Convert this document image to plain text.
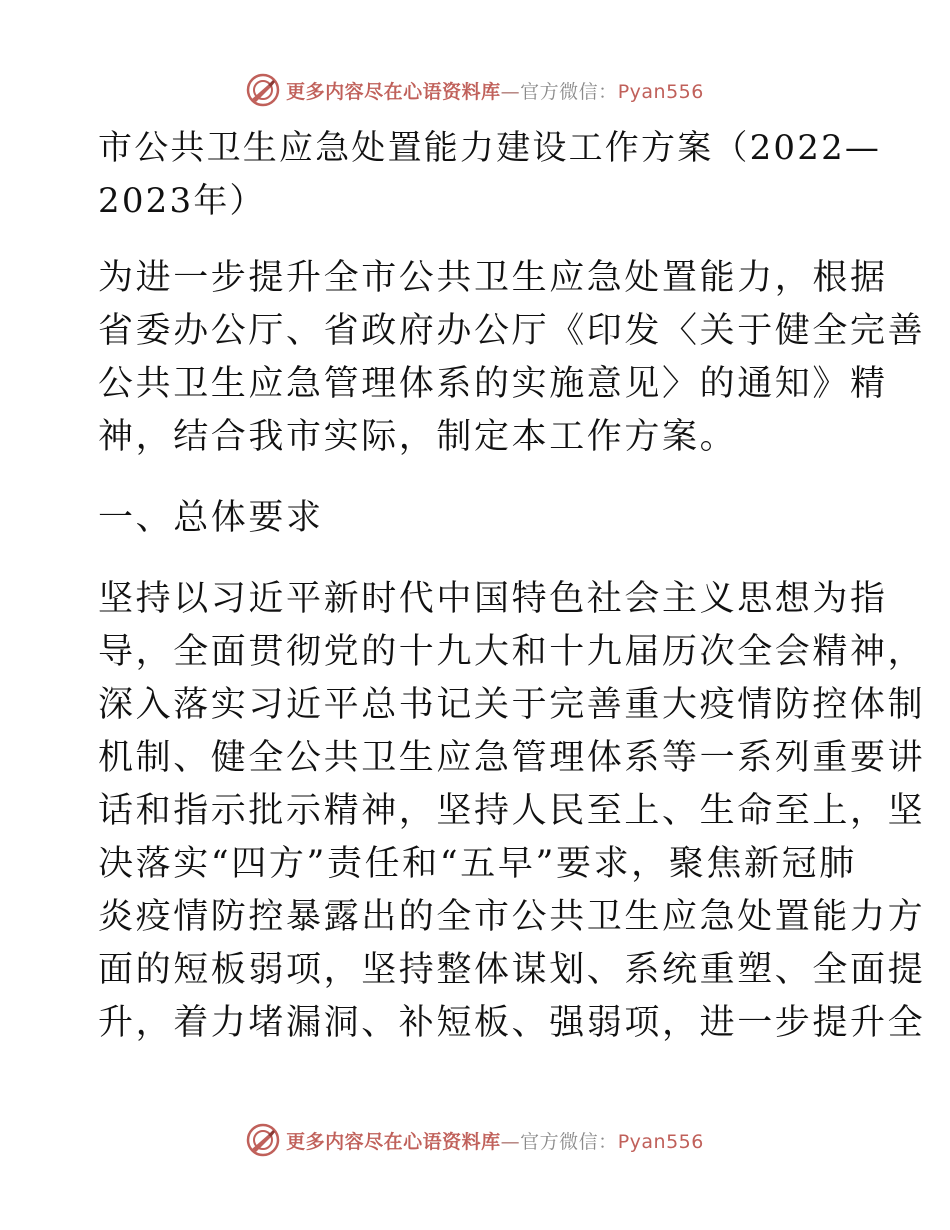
更多内容尽在心语资料库—官方微信：Pyan556
市公共卫生应急处置能力建设工作方案（2022—
2023年）
为进一步提升全市公共卫生应急处置能力，根据
省委办公厅、省政府办公厅《印发〈关于健全完善
公共卫生应急管理体系的实施意见〉的通知》精
神，结合我市实际，制定本工作方案。
一、总体要求
坚持以习近平新时代中国特色社会主义思想为指
导，全面贯彻党的十九大和十九届历次全会精神，
深入落实习近平总书记关于完善重大疫情防控体制
机制、健全公共卫生应急管理体系等一系列重要讲
话和指示批示精神，坚持人民至上、生命至上，坚
决落实“四方”责任和“五早”要求，聚焦新冠肺
炎疫情防控暴露出的全市公共卫生应急处置能力方
面的短板弱项，坚持整体谋划、系统重塑、全面提
升，着力堵漏洞、补短板、强弱项，进一步提升全
更多内容尽在心语资料库—官方微信：Pyan556
